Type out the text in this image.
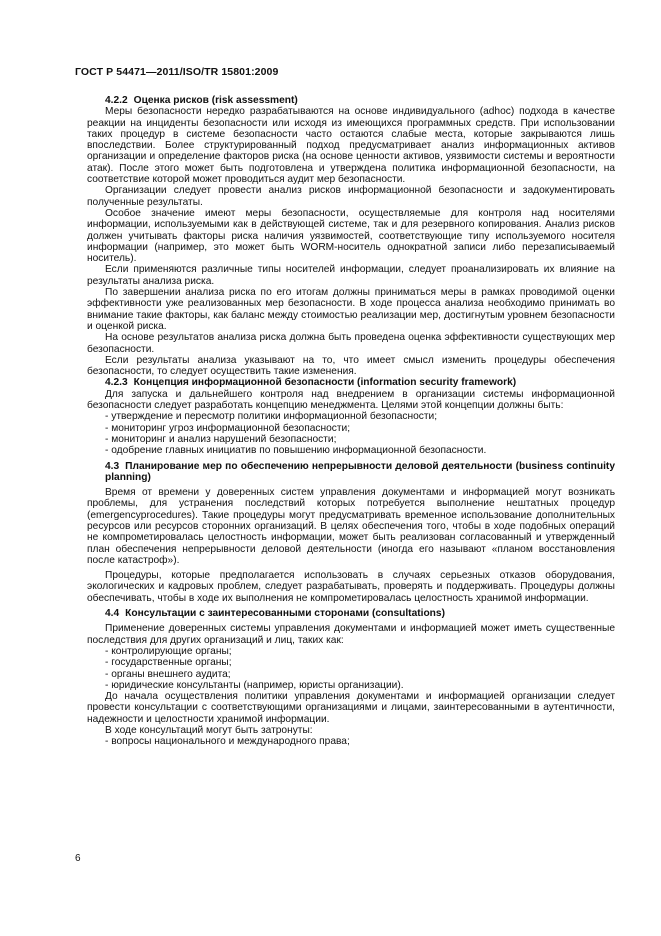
ГОСТ Р 54471—2011/ISO/TR 15801:2009
4.2.2 Оценка рисков (risk assessment)

Меры безопасности нередко разрабатываются на основе индивидуального (adhoc) подхода в качестве реакции на инциденты безопасности или исходя из имеющихся программных средств. При использовании таких процедур в системе безопасности часто остаются слабые места, которые закрываются лишь впоследствии. Более структурированный подход предусматривает анализ информационных активов организации и определение факторов риска (на основе ценности активов, уязвимости системы и вероятности атак). После этого может быть подготовлена и утверждена политика информационной безопасности, на соответствие которой может проводиться аудит мер безопасности.

Организации следует провести анализ рисков информационной безопасности и задокументировать полученные результаты.

Особое значение имеют меры безопасности, осуществляемые для контроля над носителями информации, используемыми как в действующей системе, так и для резервного копирования. Анализ рисков должен учитывать факторы риска наличия уязвимостей, соответствующие типу используемого носителя информации (например, это может быть WORM-носитель однократной записи либо перезаписываемый носитель).

Если применяются различные типы носителей информации, следует проанализировать их влияние на результаты анализа риска.

По завершении анализа риска по его итогам должны приниматься меры в рамках проводимой оценки эффективности уже реализованных мер безопасности. В ходе процесса анализа необходимо принимать во внимание такие факторы, как баланс между стоимостью реализации мер, достигнутым уровнем безопасности и оценкой риска.

На основе результатов анализа риска должна быть проведена оценка эффективности существующих мер безопасности.

Если результаты анализа указывают на то, что имеет смысл изменить процедуры обеспечения безопасности, то следует осуществить такие изменения.

4.2.3 Концепция информационной безопасности (information security framework)

Для запуска и дальнейшего контроля над внедрением в организации системы информационной безопасности следует разработать концепцию менеджмента. Целями этой концепции должны быть:

- утверждение и пересмотр политики информационной безопасности;

- мониторинг угроз информационной безопасности;

- мониторинг и анализ нарушений безопасности;

- одобрение главных инициатив по повышению информационной безопасности.

4.3 Планирование мер по обеспечению непрерывности деловой деятельности (business continuity planning)

Время от времени у доверенных систем управления документами и информацией могут возникать проблемы, для устранения последствий которых потребуется выполнение нештатных процедур (emergencyprocedures). Такие процедуры могут предусматривать временное использование дополнительных ресурсов или ресурсов сторонних организаций. В целях обеспечения того, чтобы в ходе подобных операций не компрометировалась целостность информации, может быть реализован согласованный и утвержденный план обеспечения непрерывности деловой деятельности (иногда его называют «планом восстановления после катастроф»).

Процедуры, которые предполагается использовать в случаях серьезных отказов оборудования, экологических и кадровых проблем, следует разрабатывать, проверять и поддерживать. Процедуры должны обеспечивать, чтобы в ходе их выполнения не компрометировалась целостность хранимой информации.

4.4 Консультации с заинтересованными сторонами (consultations)

Применение доверенных системы управления документами и информацией может иметь существенные последствия для других организаций и лиц, таких как:

- контролирующие органы;

- государственные органы;

- органы внешнего аудита;

- юридические консультанты (например, юристы организации).

До начала осуществления политики управления документами и информацией организации следует провести консультации с соответствующими организациями и лицами, заинтересованными в аутентичности, надежности и целостности хранимой информации.

В ходе консультаций могут быть затронуты:

- вопросы национального и международного права;

6
